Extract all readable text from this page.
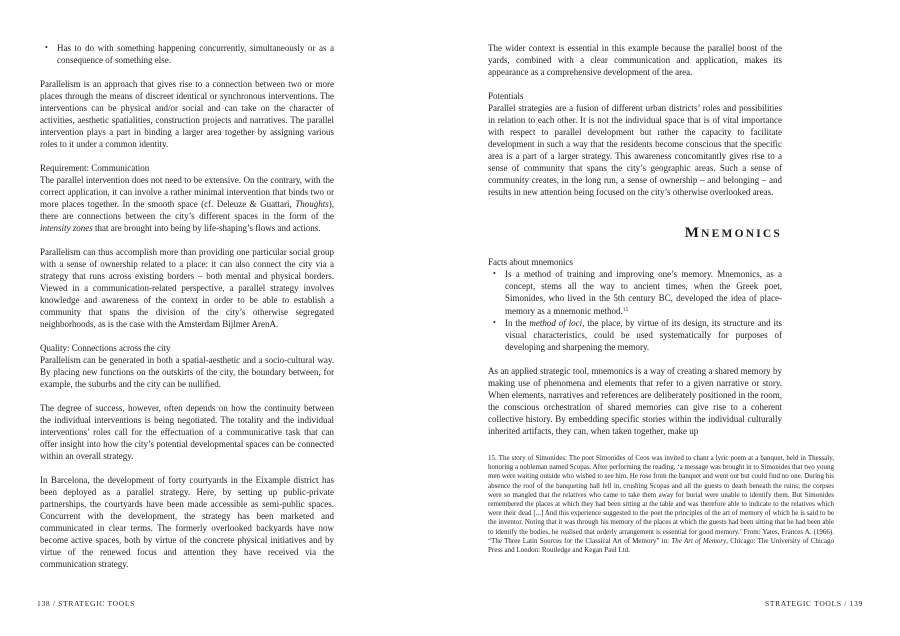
• Has to do with something happening concurrently, simultaneously or as a consequence of something else.

Parallelism is an approach that gives rise to a connection between two or more places through the means of discreet identical or synchronous interventions. The interventions can be physical and/or social and can take on the character of activities, aesthetic spatialities, construction projects and narratives. The parallel intervention plays a part in binding a larger area together by assigning various roles to it under a common identity.

Requirement: Communication

The parallel intervention does not need to be extensive. On the contrary, with the correct application, it can involve a rather minimal intervention that binds two or more places together. In the smooth space (cf. Deleuze & Guattari, Thoughts), there are connections between the city’s different spaces in the form of the intensity zones that are brought into being by life-shaping’s flows and actions.

Parallelism can thus accomplish more than providing one particular social group with a sense of ownership related to a place: it can also connect the city via a strategy that runs across existing borders – both mental and physical borders. Viewed in a communication-related perspective, a parallel strategy involves knowledge and awareness of the context in order to be able to establish a community that spans the division of the city’s otherwise segregated neighborhoods, as is the case with the Amsterdam Bijlmer ArenA.

Quality: Connections across the city

Parallelism can be generated in both a spatial-aesthetic and a socio-cultural way. By placing new functions on the outskirts of the city, the boundary between, for example, the suburbs and the city can be nullified.

The degree of success, however, often depends on how the continuity between the individual interventions is being negotiated. The totality and the individual interventions’ roles call for the effectuation of a communicative task that can offer insight into how the city’s potential developmental spaces can be connected within an overall strategy.

In Barcelona, the development of forty courtyards in the Eixample district has been deployed as a parallel strategy. Here, by setting up public-private partnerships, the courtyards have been made accessible as semi-public spaces. Concurrent with the development, the strategy has been marketed and communicated in clear terms. The formerly overlooked backyards have now become active spaces, both by virtue of the concrete physical initiatives and by virtue of the renewed focus and attention they have received via the communication strategy.

The wider context is essential in this example because the parallel boost of the yards, combined with a clear communication and application, makes its appearance as a comprehensive development of the area.

Potentials

Parallel strategies are a fusion of different urban districts’ roles and possibilities in relation to each other. It is not the individual space that is of vital importance with respect to parallel development but rather the capacity to facilitate development in such a way that the residents become conscious that the specific area is a part of a larger strategy. This awareness concomitantly gives rise to a sense of community that spans the city’s geographic areas. Such a sense of community creates, in the long run, a sense of ownership – and belonging – and results in new attention being focused on the city’s otherwise overlooked areas.

MNEMONICS
Facts about mnemonics
• Is a method of training and improving one’s memory. Mnemonics, as a concept, stems all the way to ancient times, when the Greek poet, Simonides, who lived in the 5th century BC, developed the idea of place-memory as a mnemonic method.$^{15}$
• In the method of loci, the place, by virtue of its design, its structure and its visual characteristics, could be used systematically for purposes of developing and sharpening the memory.

As an applied strategic tool, mnemonics is a way of creating a shared memory by making use of phenomena and elements that refer to a given narrative or story. When elements, narratives and references are deliberately positioned in the room, the conscious orchestration of shared memories can give rise to a coherent collective history. By embedding specific stories within the individual culturally inherited artifacts, they can, when taken together, make up

15. The story of Simonides: The poet Simonides of Ceos was invited to chant a lyric poem at a banquet, held in Thessaly, honoring a nobleman named Scopas. After performing the reading, ‘a message was brought in to Simonides that two young men were waiting outside who wished to see him. He rose from the banquet and went out but could find no one. During his absence the roof of the banqueting hall fell in, crushing Scopas and all the guests to death beneath the ruins; the corpses were so mangled that the relatives who came to take them away for burial were unable to identify them. But Simonides remembered the places at which they had been sitting at the table and was therefore able to indicate to the relatives which were their dead [...] And this experience suggested to the poet the principles of the art of memory of which he is said to be the inventor. Noting that it was through his memory of the places at which the guests had been sitting that he had been able to identify the bodies, he realised that orderly arrangement is essential for good memory.’ From: Yates, Frances A. (1966). “The Three Latin Sources for the Classical Art of Memory” in: The Art of Memory, Chicago: The University of Chicago Press and London: Routledge and Kegan Paul Ltd.
138 / STRATEGIC TOOLS	STRATEGIC TOOLS / 139
